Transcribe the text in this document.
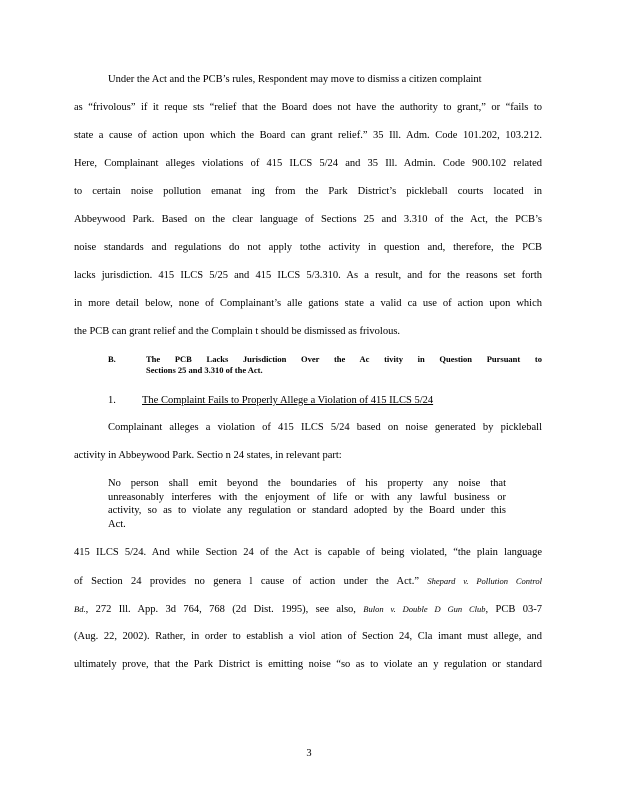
Under the Act and the PCB’s rules, Respondent may move to dismiss a citizen complaint
as “frivolous” if it reque sts “relief that the Board does not have the authority to grant,” or “fails to
state a cause of action upon which the Board can grant relief.” 35 Ill. Adm. Code 101.202, 103.212.
Here, Complainant alleges violations of 415 ILCS 5/24 and 35 Ill. Admin. Code 900.102 related
to certain noise pollution emanat ing from the Park District’s pickleball courts located in
Abbeywood Park. Based on the clear language of Sections 25 and 3.310 of the Act, the PCB’s
noise standards and regulations do not apply tothe activity in question and, therefore, the PCB
lacks jurisdiction. 415 ILCS 5/25 and 415 ILCS 5/3.310. As a result, and for the reasons set forth
in more detail below, none of Complainant’s alle gations state a valid ca use of action upon which
the PCB can grant relief and the Complain t should be dismissed as frivolous.
B.	The PCB Lacks Jurisdiction Over the Ac tivity in Question Pursuant to
Sections 25 and 3.310 of the Act.
1. The Complaint Fails to Properly Allege a Violation of 415 ILCS 5/24
Complainant alleges a violation of 415 ILCS 5/24 based on noise generated by pickleball
activity in Abbeywood Park. Sectio n 24 states, in relevant part:
No person shall emit beyond the boundaries of his property any noise that
unreasonably interferes with the enjoyment of life or with any lawful business or
activity, so as to violate any regulation or standard adopted by the Board under this
Act.
415 ILCS 5/24. And while Section 24 of the Act is capable of being violated, “the plain language
of Section 24 provides no genera l cause of action under the Act.” Shepard v. Pollution Control
Bd., 272 Ill. App. 3d 764, 768 (2d Dist. 1995), see also, Bulon v. Double D Gun Club, PCB 03-7
(Aug. 22, 2002). Rather, in order to establish a viol ation of Section 24, Cla imant must allege, and
ultimately prove, that the Park District is emitting noise “so as to violate an y regulation or standard
3
